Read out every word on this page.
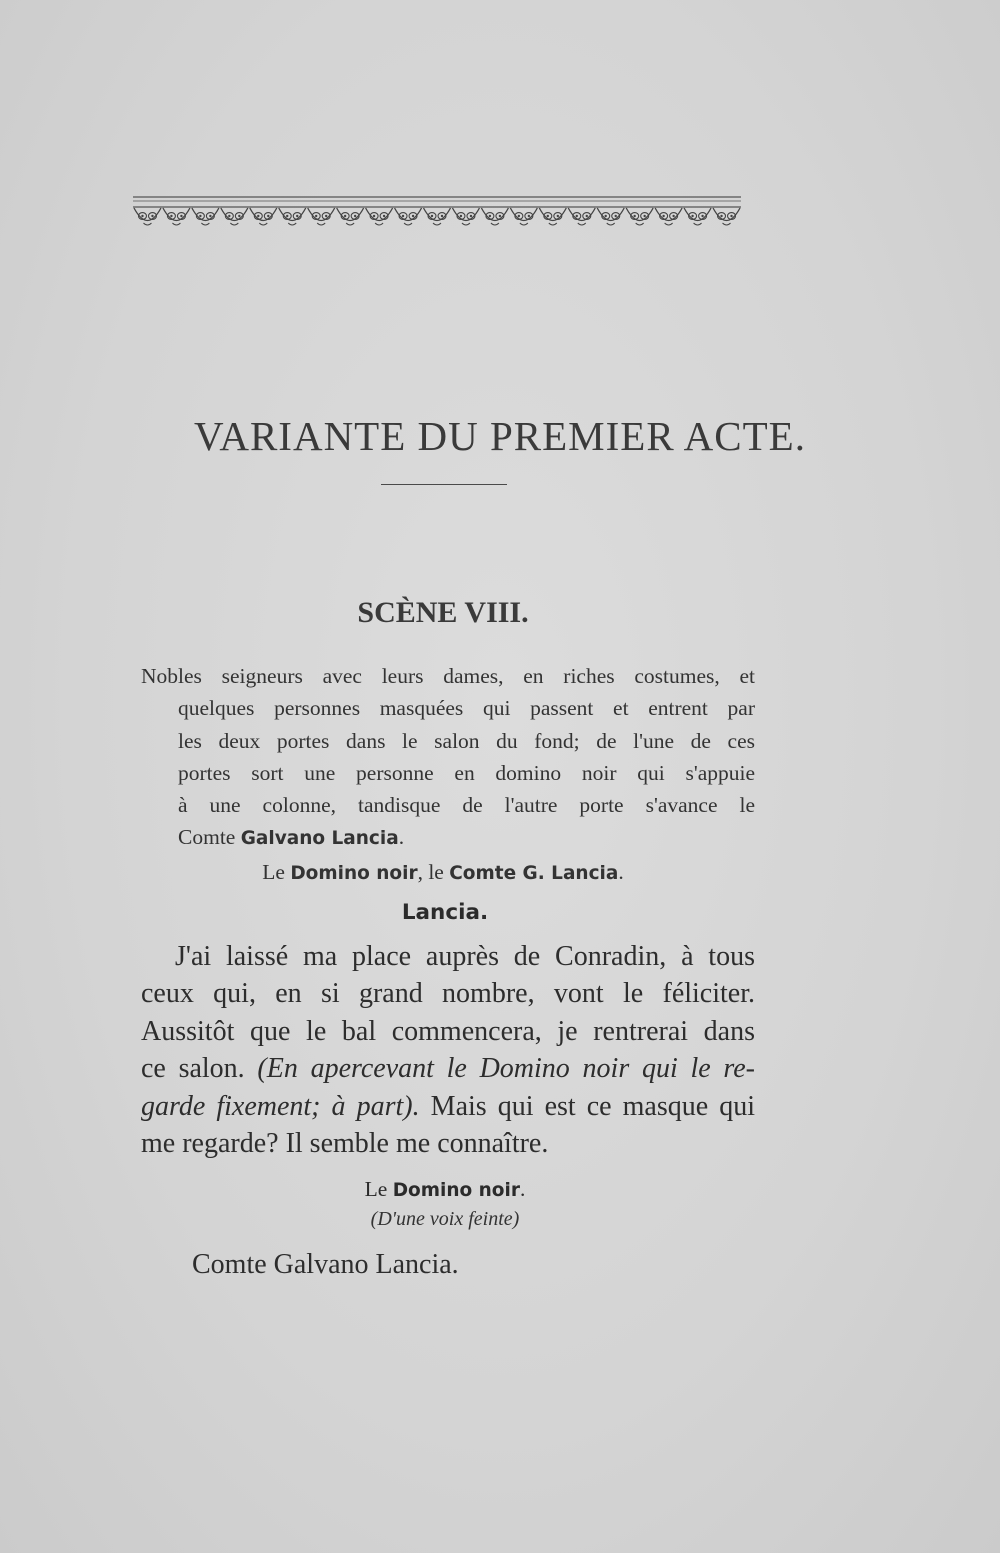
VARIANTE DU PREMIER ACTE.
SCÈNE VIII.
Nobles seigneurs avec leurs dames, en riches costumes, et
quelques personnes masquées qui passent et entrent par
les deux portes dans le salon du fond; de l'une de ces
portes sort une personne en domino noir qui s'appuie
à une colonne, tandisque de l'autre porte s'avance le
Comte Galvano Lancia.
Le Domino noir, le Comte G. Lancia.
Lancia.
J'ai laissé ma place auprès de Conradin, à tous
ceux qui, en si grand nombre, vont le féliciter.
Aussitôt que le bal commencera, je rentrerai dans
ce salon. (En apercevant le Domino noir qui le re-
garde fixement; à part). Mais qui est ce masque qui
me regarde? Il semble me connaître.
Le Domino noir.
(D'une voix feinte)
Comte Galvano Lancia.
